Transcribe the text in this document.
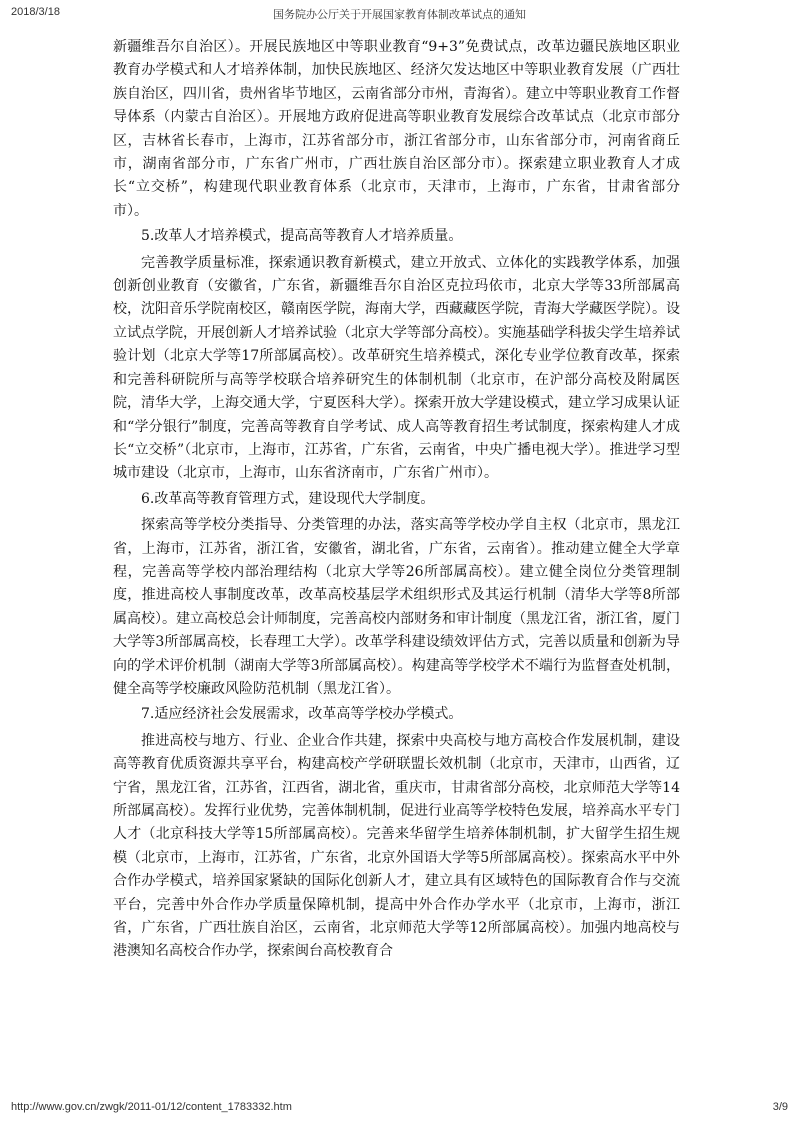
2018/3/18	国务院办公厅关于开展国家教育体制改革试点的通知

新疆维吾尔自治区）。开展民族地区中等职业教育“9+3”免费试点，改革边疆民族地区职业教育办学模式和人才培养体制，加快民族地区、经济欠发达地区中等职业教育发展（广西壮族自治区，四川省，贵州省毕节地区，云南省部分市州，青海省）。建立中等职业教育工作督导体系（内蒙古自治区）。开展地方政府促进高等职业教育发展综合改革试点（北京市部分区，吉林省长春市，上海市，江苏省部分市，浙江省部分市，山东省部分市，河南省商丘市，湖南省部分市，广东省广州市，广西壮族自治区部分市）。探索建立职业教育人才成长“立交桥”，构建现代职业教育体系（北京市，天津市，上海市，广东省，甘肃省部分市）。

5.改革人才培养模式，提高高等教育人才培养质量。

完善教学质量标准，探索通识教育新模式，建立开放式、立体化的实践教学体系，加强创新创业教育（安徽省，广东省，新疆维吾尔自治区克拉玛依市，北京大学等33所部属高校，沈阳音乐学院南校区，赣南医学院，海南大学，西藏藏医学院，青海大学藏医学院）。设立试点学院，开展创新人才培养试验（北京大学等部分高校）。实施基础学科拔尖学生培养试验计划（北京大学等17所部属高校）。改革研究生培养模式，深化专业学位教育改革，探索和完善科研院所与高等学校联合培养研究生的体制机制（北京市，在沪部分高校及附属医院，清华大学，上海交通大学，宁夏医科大学）。探索开放大学建设模式，建立学习成果认证和“学分银行”制度，完善高等教育自学考试、成人高等教育招生考试制度，探索构建人才成长“立交桥”（北京市，上海市，江苏省，广东省，云南省，中央广播电视大学）。推进学习型城市建设（北京市，上海市，山东省济南市，广东省广州市）。

6.改革高等教育管理方式，建设现代大学制度。

探索高等学校分类指导、分类管理的办法，落实高等学校办学自主权（北京市，黑龙江省，上海市，江苏省，浙江省，安徽省，湖北省，广东省，云南省）。推动建立健全大学章程，完善高等学校内部治理结构（北京大学等26所部属高校）。建立健全岗位分类管理制度，推进高校人事制度改革，改革高校基层学术组织形式及其运行机制（清华大学等8所部属高校）。建立高校总会计师制度，完善高校内部财务和审计制度（黑龙江省，浙江省，厦门大学等3所部属高校，长春理工大学）。改革学科建设绩效评估方式，完善以质量和创新为导向的学术评价机制（湖南大学等3所部属高校）。构建高等学校学术不端行为监督查处机制，健全高等学校廉政风险防范机制（黑龙江省）。

7.适应经济社会发展需求，改革高等学校办学模式。

推进高校与地方、行业、企业合作共建，探索中央高校与地方高校合作发展机制，建设高等教育优质资源共享平台，构建高校产学研联盟长效机制（北京市，天津市，山西省，辽宁省，黑龙江省，江苏省，江西省，湖北省，重庆市，甘肃省部分高校，北京师范大学等14所部属高校）。发挥行业优势，完善体制机制，促进行业高等学校特色发展，培养高水平专门人才（北京科技大学等15所部属高校）。完善来华留学生培养体制机制，扩大留学生招生规模（北京市，上海市，江苏省，广东省，北京外国语大学等5所部属高校）。探索高水平中外合作办学模式，培养国家紧缺的国际化创新人才，建立具有区域特色的国际教育合作与交流平台，完善中外合作办学质量保障机制，提高中外合作办学水平（北京市，上海市，浙江省，广东省，广西壮族自治区，云南省，北京师范大学等12所部属高校）。加强内地高校与港澳知名高校合作办学，探索闽台高校教育合

http://www.gov.cn/zwgk/2011-01/12/content_1783332.htm	3/9
